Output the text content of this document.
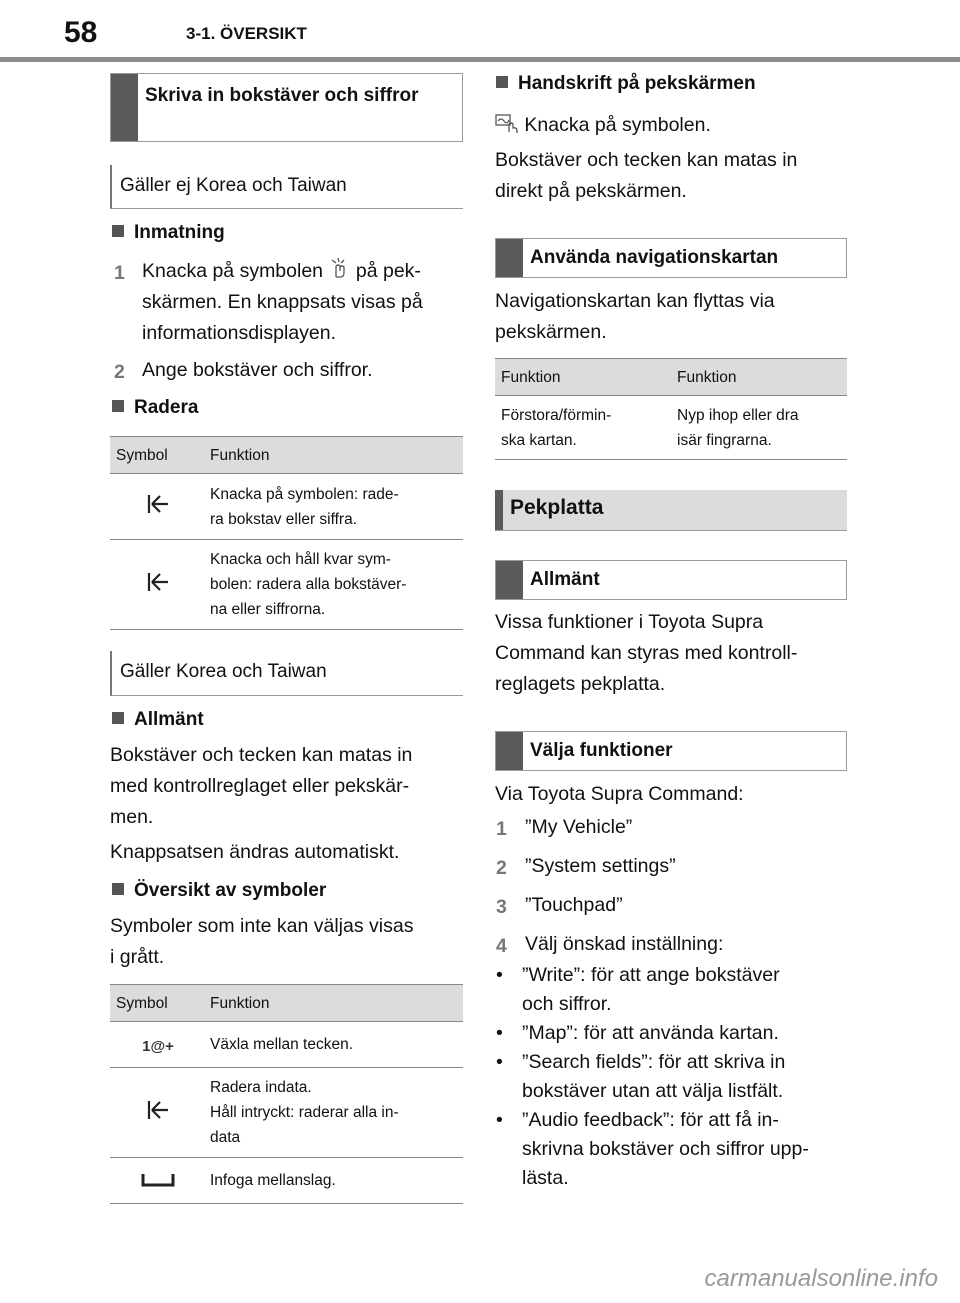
58	3-1. ÖVERSIKT
Skriva in bokstäver och siffror
Gäller ej Korea och Taiwan
Inmatning
1 Knacka på symbolen på pek-
skärmen. En knappsats visas på
informationsdisplayen.
2 Ange bokstäver och siffror.
Radera
Symbol	Funktion
	Knacka på symbolen: rade-
ra bokstav eller siffra.
	Knacka och håll kvar sym-
bolen: radera alla bokstäver-
na eller siffrorna.
Gäller Korea och Taiwan
Allmänt
Bokstäver och tecken kan matas in
med kontrollreglaget eller pekskär-
men.
Knappsatsen ändras automatiskt.
Översikt av symboler
Symboler som inte kan väljas visas
i grått.
Symbol	Funktion
1@+	Växla mellan tecken.
	Radera indata.
Håll intryckt: raderar alla in-
data
	Infoga mellanslag.
Handskrift på pekskärmen
Knacka på symbolen.
Bokstäver och tecken kan matas in
direkt på pekskärmen.
Använda navigationskartan
Navigationskartan kan flyttas via
pekskärmen.
Funktion	Funktion
Förstora/förmin-
ska kartan.	Nyp ihop eller dra
isär fingrarna.
Pekplatta
Allmänt
Vissa funktioner i Toyota Supra
Command kan styras med kontroll-
reglagets pekplatta.
Välja funktioner
Via Toyota Supra Command:
1 ”My Vehicle”
2 ”System settings”
3 ”Touchpad”
4 Välj önskad inställning:
• ”Write”: för att ange bokstäver
och siffror.
• ”Map”: för att använda kartan.
• ”Search fields”: för att skriva in
bokstäver utan att välja listfält.
• ”Audio feedback”: för att få in-
skrivna bokstäver och siffror upp-
lästa.
carmanualsonline.info
